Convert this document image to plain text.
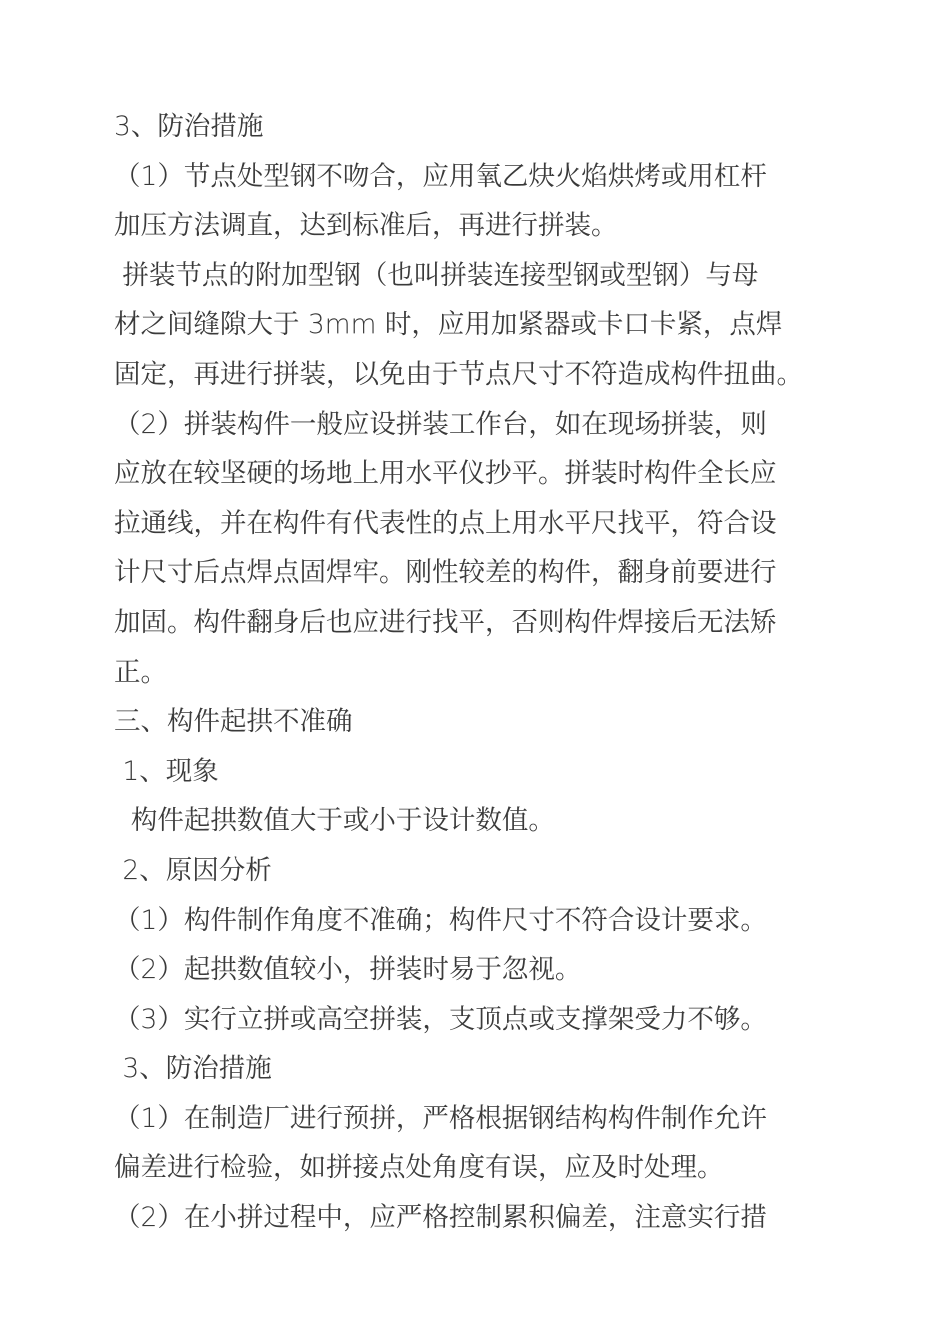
3、防治措施
（1）节点处型钢不吻合，应用氧乙炔火焰烘烤或用杠杆
加压方法调直，达到标准后，再进行拼装。
拼装节点的附加型钢（也叫拼装连接型钢或型钢）与母
材之间缝隙大于 3mm 时，应用加紧器或卡口卡紧，点焊
固定，再进行拼装，以免由于节点尺寸不符造成构件扭曲。
（2）拼装构件一般应设拼装工作台，如在现场拼装，则
应放在较坚硬的场地上用水平仪抄平。拼装时构件全长应
拉通线，并在构件有代表性的点上用水平尺找平，符合设
计尺寸后点焊点固焊牢。刚性较差的构件，翻身前要进行
加固。构件翻身后也应进行找平，否则构件焊接后无法矫
正。
三、构件起拱不准确
1、现象
构件起拱数值大于或小于设计数值。
2、原因分析
（1）构件制作角度不准确；构件尺寸不符合设计要求。
（2）起拱数值较小，拼装时易于忽视。
（3）实行立拼或高空拼装，支顶点或支撑架受力不够。
3、防治措施
（1）在制造厂进行预拼，严格根据钢结构构件制作允许
偏差进行检验，如拼接点处角度有误，应及时处理。
（2）在小拼过程中，应严格控制累积偏差，注意实行措
